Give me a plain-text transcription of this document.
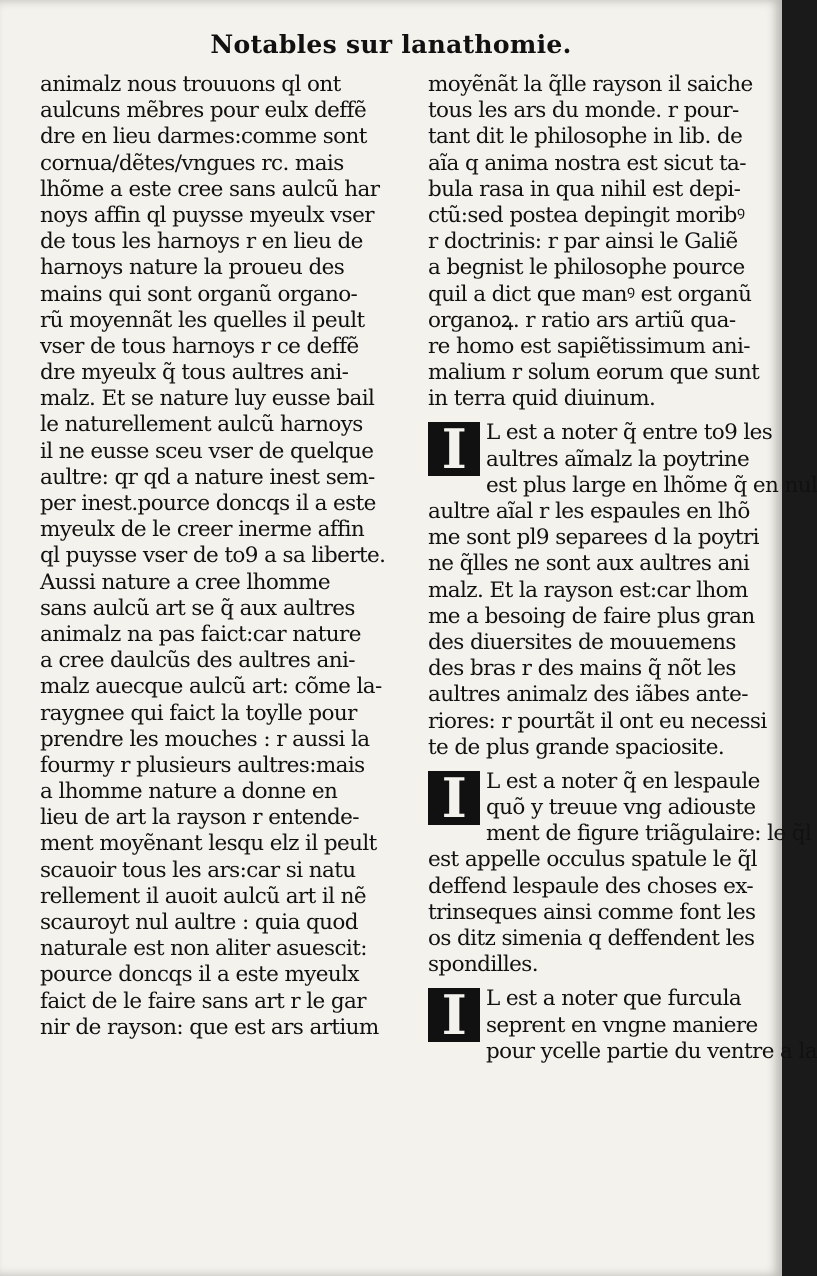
Notables sur lanathomie.
animalz nous trouuons ql ont
aulcuns mẽbres pour eulx deffẽ
dre en lieu darmes:comme sont
cornua/dẽtes/vngues rc. mais
lhõme a este cree sans aulcũ har
noys affin ql puysse myeulx vser
de tous les harnoys r en lieu de
harnoys nature la proueu des
mains qui sont organũ organo-
rũ moyennãt les quelles il peult
vser de tous harnoys r ce deffẽ
dre myeulx q̃ tous aultres ani-
malz. Et se nature luy eusse bail
le naturellement aulcũ harnoys
il ne eusse sceu vser de quelque
aultre: qr qd a nature inest sem-
per inest.pource doncqs il a este
myeulx de le creer inerme affin
ql puysse vser de to9 a sa liberte.
Aussi nature a cree lhomme
sans aulcũ art se q̃ aux aultres
animalz na pas faict:car nature
a cree daulcũs des aultres ani-
malz auecque aulcũ art: cõme la-
raygnee qui faict la toylle pour
prendre les mouches : r aussi la
fourmy r plusieurs aultres:mais
a lhomme nature a donne en
lieu de art la rayson r entende-
ment moyẽnant lesqu elz il peult
scauoir tous les ars:car si natu
rellement il auoit aulcũ art il nẽ
scauroyt nul aultre : quia quod
naturale est non aliter asuescit:
pource doncqs il a este myeulx
faict de le faire sans art r le gar
nir de rayson: que est ars artium
moyẽnãt la q̃lle rayson il saiche
tous les ars du monde. r pour-
tant dit le philosophe in lib. de
aĩa q anima nostra est sicut ta-
bula rasa in qua nihil est depi-
ctũ:sed postea depingit moribꝰ
r doctrinis: r par ainsi le Galiẽ
a begnist le philosophe pource
quil a dict que manꝰ est organũ
organoꝝ. r ratio ars artiũ qua-
re homo est sapiẽtissimum ani-
malium r solum eorum que sunt
in terra quid diuinum.
I L est a noter q̃ entre to9 les
aultres aĩmalz la poytrine
est plus large en lhõme q̃ en nul
aultre aĩal r les espaules en lhõ
me sont pl9 separees d la poytri
ne q̃lles ne sont aux aultres ani
malz. Et la rayson est:car lhom
me a besoing de faire plus gran
des diuersites de mouuemens
des bras r des mains q̃ nõt les
aultres animalz des iãbes ante-
riores: r pourtãt il ont eu necessi
te de plus grande spaciosite.
I L est a noter q̃ en lespaule
quõ y treuue vng adiouste
ment de figure triãgulaire: le q̃l
est appelle occulus spatule le q̃l
deffend lespaule des choses ex-
trinseques ainsi comme font les
os ditz simenia q deffendent les
spondilles.
I L est a noter que furcula
seprent en vngne maniere
pour ycelle partie du ventre a la
